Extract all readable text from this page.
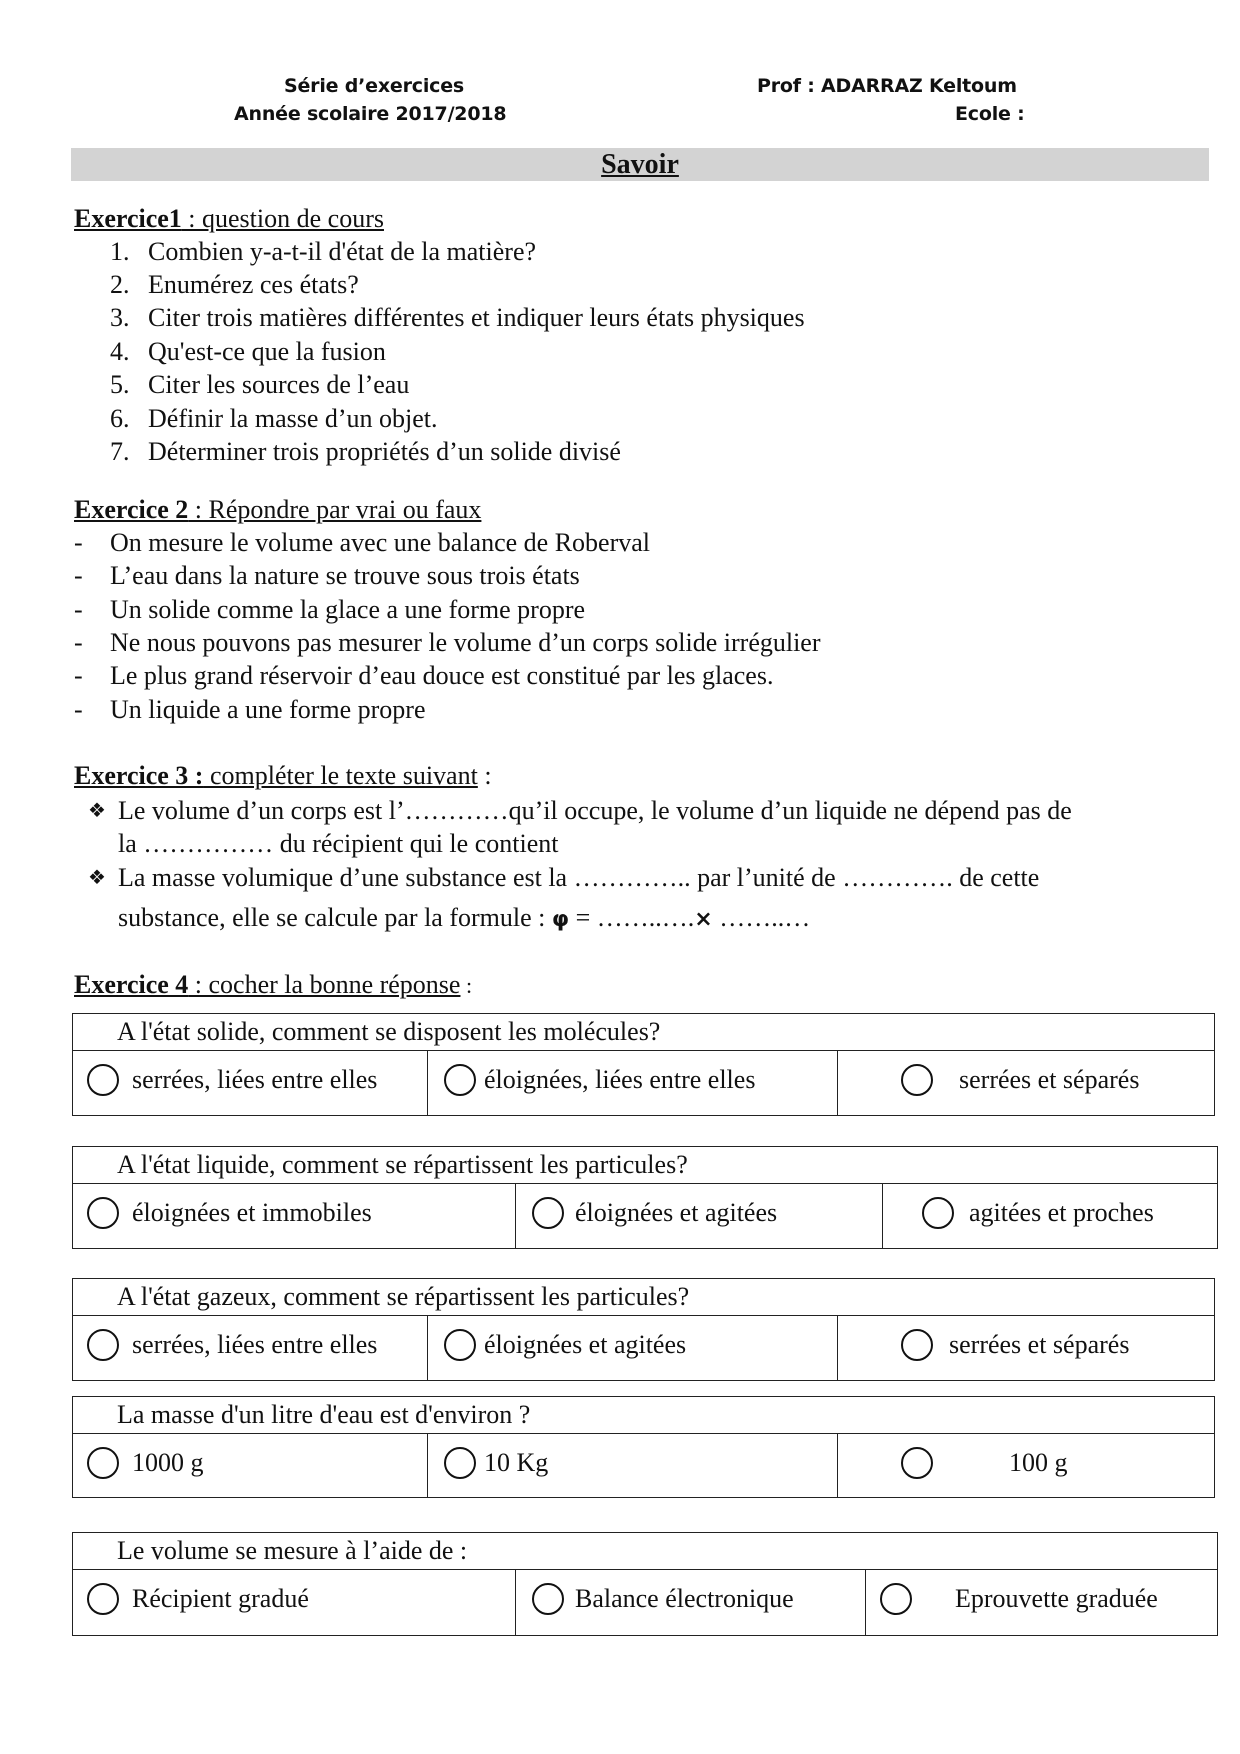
Série d’exercices
Année scolaire 2017/2018
Prof : ADARRAZ Keltoum
Ecole :
Savoir
Exercice1 : question de cours
1. Combien y-a-t-il d'état de la matière?
2. Enumérez ces états?
3. Citer trois matières différentes et indiquer leurs états physiques
4. Qu'est-ce que la fusion
5. Citer les sources de l’eau
6. Définir la masse d’un objet.
7. Déterminer trois propriétés d’un solide divisé
Exercice 2 : Répondre par vrai ou faux
- On mesure le volume avec une balance de Roberval
- L’eau dans la nature se trouve sous trois états
- Un solide comme la glace a une forme propre
- Ne nous pouvons pas mesurer le volume d’un corps solide irrégulier
- Le plus grand réservoir d’eau douce est constitué par les glaces.
- Un liquide a une forme propre
Exercice 3 : compléter le texte suivant :
❖ Le volume d’un corps est l’…………qu’il occupe, le volume d’un liquide ne dépend pas de
la …………… du récipient qui le contient
❖ La masse volumique d’une substance est la ………….. par l’unité de …………. de cette
substance, elle se calcule par la formule : φ = ……..….× ……..…
Exercice 4 : cocher la bonne réponse :
A l'état solide, comment se disposent les molécules?
serrées, liées entre elles	éloignées, liées entre elles	serrées et séparés
A l'état liquide, comment se répartissent les particules?
éloignées et immobiles	éloignées et agitées	agitées et proches
A l'état gazeux, comment se répartissent les particules?
serrées, liées entre elles	éloignées et agitées	serrées et séparés
La masse d'un litre d'eau est d'environ ?
1000 g	10 Kg	100 g
Le volume se mesure à l’aide de :
Récipient gradué	Balance électronique	Eprouvette graduée
